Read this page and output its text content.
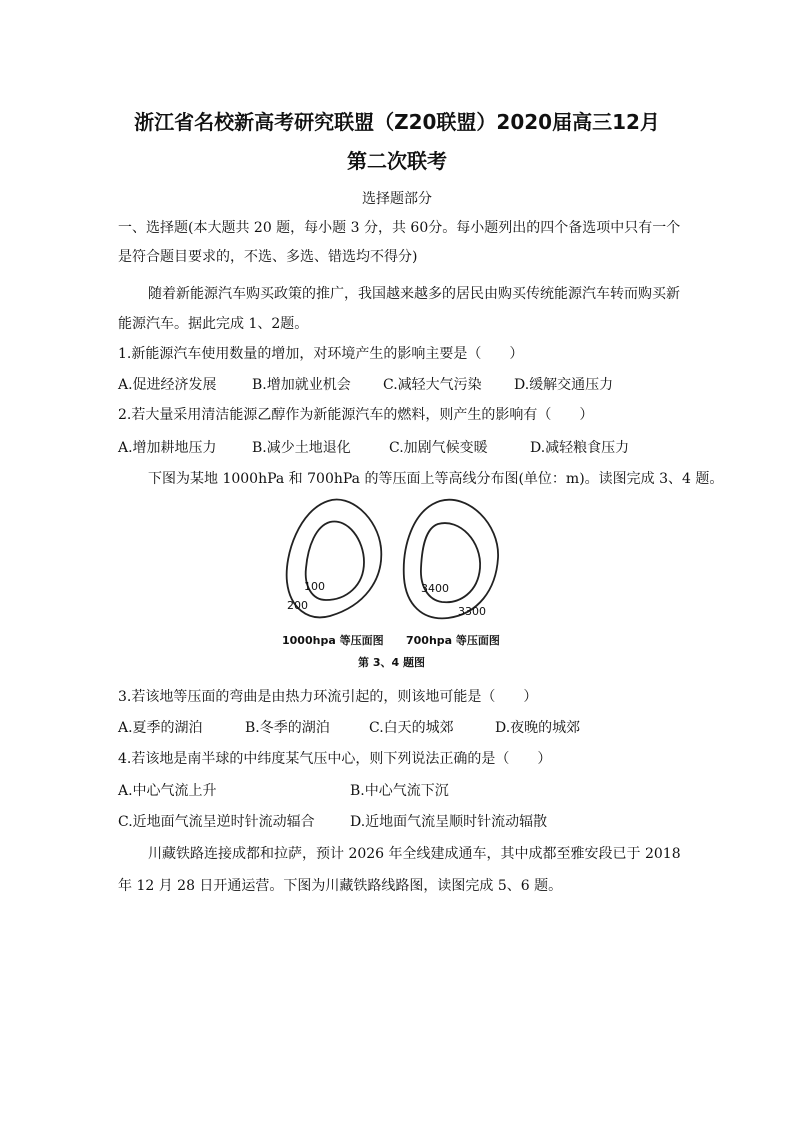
浙江省名校新高考研究联盟（Z20联盟）2020届高三12月
第二次联考
选择题部分
一、选择题(本大题共 20 题，每小题 3 分，共 60分。每小题列出的四个备选项中只有一个
是符合题目要求的，不选、多选、错选均不得分)
随着新能源汽车购买政策的推广，我国越来越多的居民由购买传统能源汽车转而购买新
能源汽车。据此完成 1、2题。
1.新能源汽车使用数量的增加，对环境产生的影响主要是（　　）
A.促进经济发展	B.增加就业机会 C.减轻大气污染 D.缓解交通压力
2.若大量采用清洁能源乙醇作为新能源汽车的燃料，则产生的影响有（　　）
A.增加耕地压力	B.减少土地退化	C.加剧气候变暖	D.减轻粮食压力
下图为某地 1000hPa 和 700hPa 的等压面上等高线分布图(单位：m)。读图完成 3、4 题。
100
200
3400
3300
1000hpa 等压面图 700hpa 等压面图
第 3、4 题图
3.若该地等压面的弯曲是由热力环流引起的，则该地可能是（　　）
A.夏季的湖泊	B.冬季的湖泊	C.白天的城郊	D.夜晚的城郊
4.若该地是南半球的中纬度某气压中心，则下列说法正确的是（　　）
A.中心气流上升	B.中心气流下沉
C.近地面气流呈逆时针流动辐合	D.近地面气流呈顺时针流动辐散
川藏铁路连接成都和拉萨，预计 2026 年全线建成通车，其中成都至雅安段已于 2018
年 12 月 28 日开通运营。下图为川藏铁路线路图，读图完成 5、6 题。
